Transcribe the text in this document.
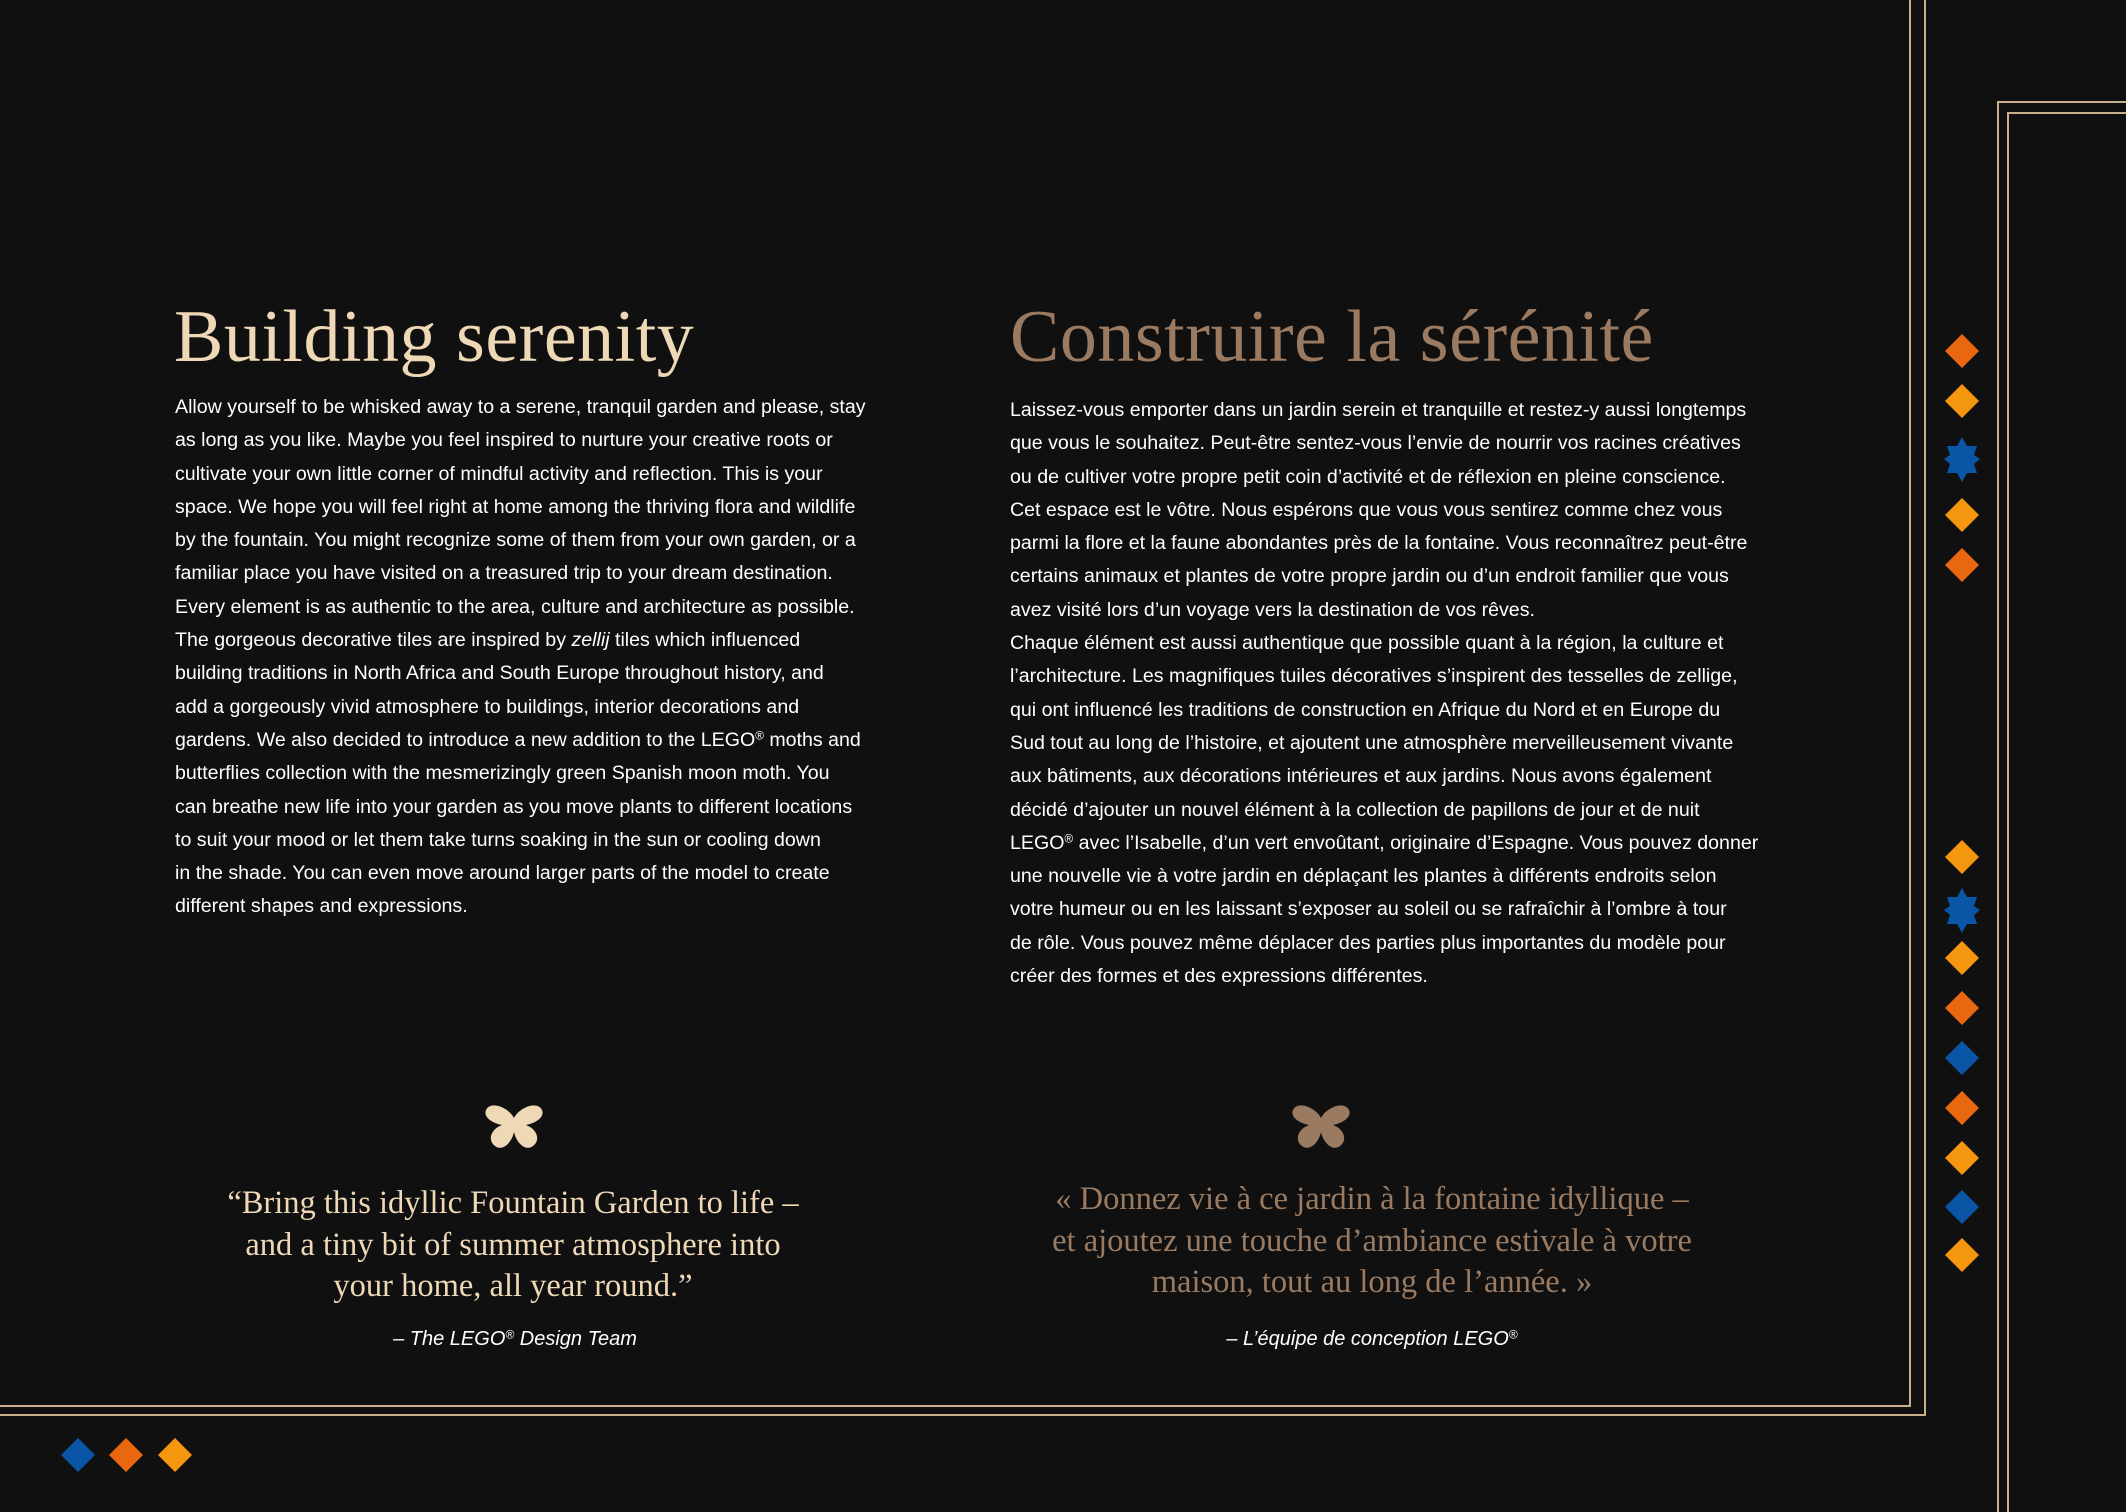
Building serenity

Allow yourself to be whisked away to a serene, tranquil garden and please, stay

as long as you like. Maybe you feel inspired to nurture your creative roots or

cultivate your own little corner of mindful activity and reflection. This is your

space. We hope you will feel right at home among the thriving flora and wildlife

by the fountain. You might recognize some of them from your own garden, or a

familiar place you have visited on a treasured trip to your dream destination.

Every element is as authentic to the area, culture and architecture as possible.

The gorgeous decorative tiles are inspired by zellij tiles which influenced

building traditions in North Africa and South Europe throughout history, and

add a gorgeously vivid atmosphere to buildings, interior decorations and

gardens. We also decided to introduce a new addition to the LEGO® moths and

butterflies collection with the mesmerizingly green Spanish moon moth. You

can breathe new life into your garden as you move plants to different locations

to suit your mood or let them take turns soaking in the sun or cooling down

in the shade. You can even move around larger parts of the model to create

different shapes and expressions.

“Bring this idyllic Fountain Garden to life –
and a tiny bit of summer atmosphere into
your home, all year round.”
– The LEGO® Design Team
Construire la sérénité

Laissez-vous emporter dans un jardin serein et tranquille et restez-y aussi longtemps

que vous le souhaitez. Peut-être sentez-vous l’envie de nourrir vos racines créatives

ou de cultiver votre propre petit coin d’activité et de réflexion en pleine conscience.

Cet espace est le vôtre. Nous espérons que vous vous sentirez comme chez vous

parmi la flore et la faune abondantes près de la fontaine. Vous reconnaîtrez peut-être

certains animaux et plantes de votre propre jardin ou d’un endroit familier que vous

avez visité lors d’un voyage vers la destination de vos rêves.

Chaque élément est aussi authentique que possible quant à la région, la culture et

l’architecture. Les magnifiques tuiles décoratives s’inspirent des tesselles de zellige,

qui ont influencé les traditions de construction en Afrique du Nord et en Europe du

Sud tout au long de l’histoire, et ajoutent une atmosphère merveilleusement vivante

aux bâtiments, aux décorations intérieures et aux jardins. Nous avons également

décidé d’ajouter un nouvel élément à la collection de papillons de jour et de nuit

LEGO® avec l’Isabelle, d’un vert envoûtant, originaire d’Espagne. Vous pouvez donner

une nouvelle vie à votre jardin en déplaçant les plantes à différents endroits selon

votre humeur ou en les laissant s’exposer au soleil ou se rafraîchir à l’ombre à tour

de rôle. Vous pouvez même déplacer des parties plus importantes du modèle pour

créer des formes et des expressions différentes.

« Donnez vie à ce jardin à la fontaine idyllique –
et ajoutez une touche d’ambiance estivale à votre
maison, tout au long de l’année. »
– L’équipe de conception LEGO®
